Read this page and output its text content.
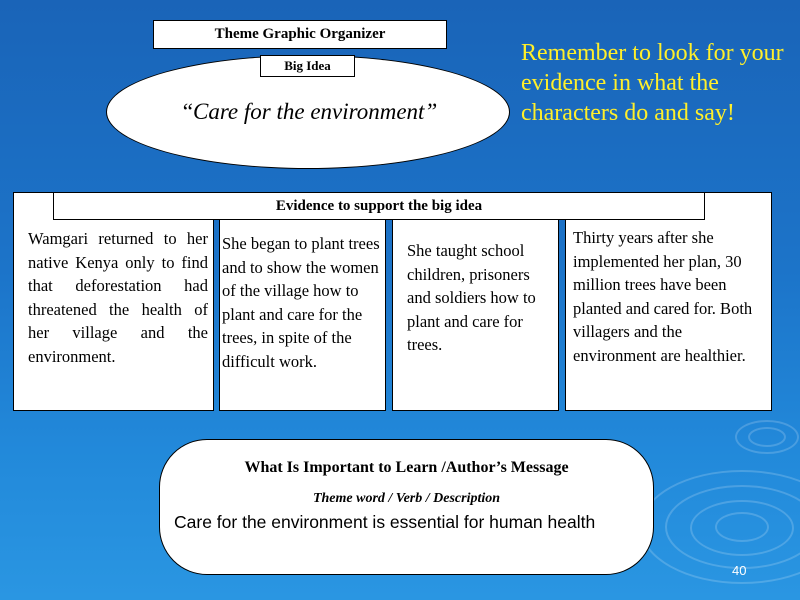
Theme Graphic Organizer
Big Idea
“Care for the environment”
Remember to look for your evidence in what the characters do and say!

Wamgari returned to her native Kenya only to find that deforestation had threatened the health of her village and the environment.

She began to plant trees and to show the women of the village how to plant and care for the trees, in spite of the difficult work.

She taught school children, prisoners and soldiers how to plant and care for trees.

Thirty years after she implemented her plan, 30 million trees have been planted and cared for. Both villagers and the environment are healthier.

Evidence to support the big idea
What Is Important to Learn /Author’s Message
Theme word / Verb / Description
Care for the environment is essential for human health
40
